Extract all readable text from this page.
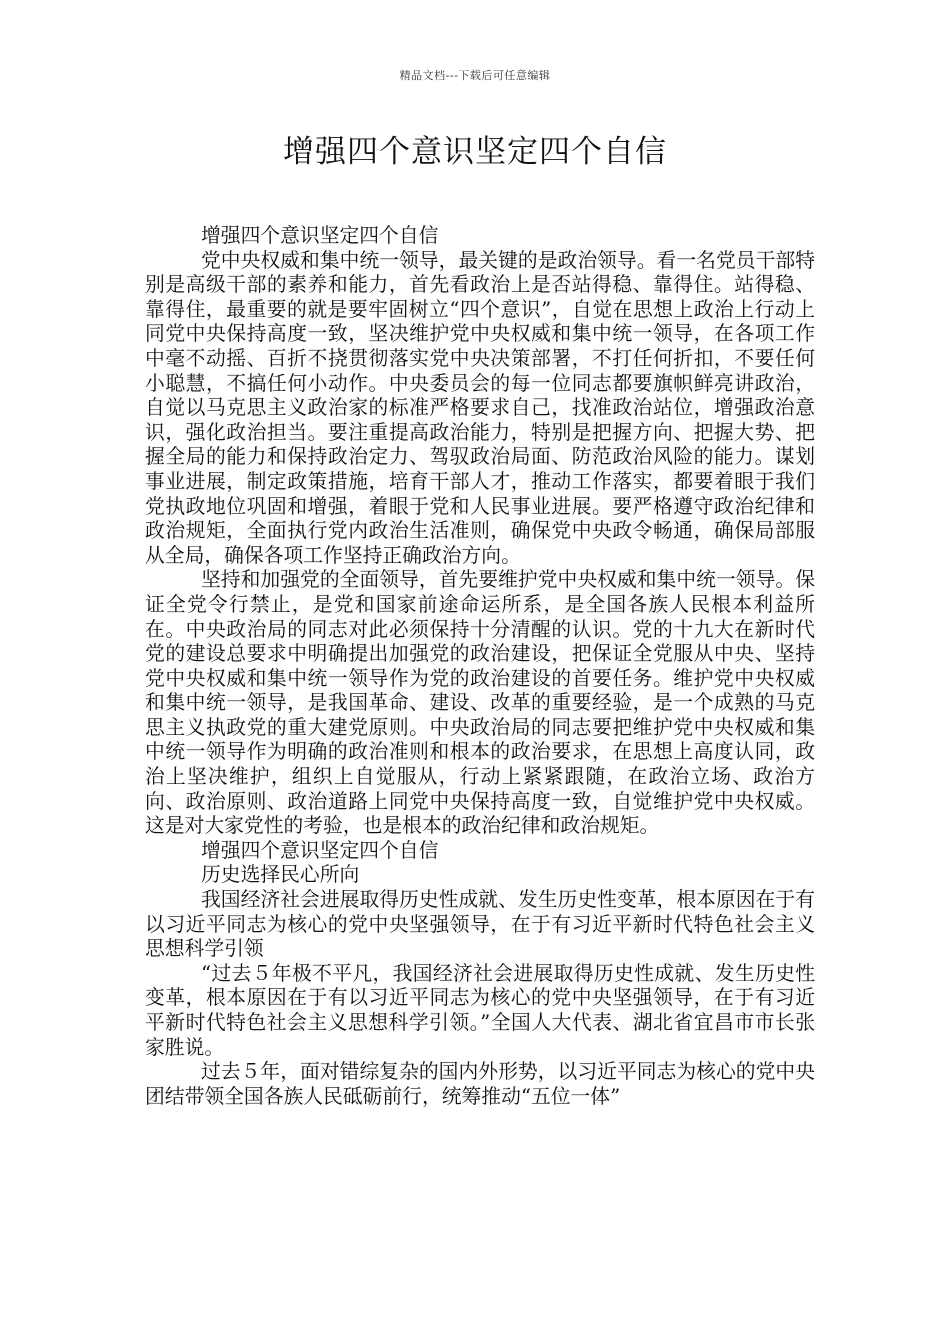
精品文档---下载后可任意编辑
增强四个意识坚定四个自信

增强四个意识坚定四个自信

党中央权威和集中统一领导，最关键的是政治领导。看一名党员干部特别是高级干部的素养和能力，首先看政治上是否站得稳、靠得住。站得稳、靠得住，最重要的就是要牢固树立“四个意识”，自觉在思想上政治上行动上同党中央保持高度一致，坚决维护党中央权威和集中统一领导，在各项工作中毫不动摇、百折不挠贯彻落实党中央决策部署，不打任何折扣，不要任何小聪慧，不搞任何小动作。中央委员会的每一位同志都要旗帜鲜亮讲政治，自觉以马克思主义政治家的标准严格要求自己，找准政治站位，增强政治意识，强化政治担当。要注重提高政治能力，特别是把握方向、把握大势、把握全局的能力和保持政治定力、驾驭政治局面、防范政治风险的能力。谋划事业进展，制定政策措施，培育干部人才，推动工作落实，都要着眼于我们党执政地位巩固和增强，着眼于党和人民事业进展。要严格遵守政治纪律和政治规矩，全面执行党内政治生活准则，确保党中央政令畅通，确保局部服从全局，确保各项工作坚持正确政治方向。

坚持和加强党的全面领导，首先要维护党中央权威和集中统一领导。保证全党令行禁止，是党和国家前途命运所系，是全国各族人民根本利益所在。中央政治局的同志对此必须保持十分清醒的认识。党的十九大在新时代党的建设总要求中明确提出加强党的政治建设，把保证全党服从中央、坚持党中央权威和集中统一领导作为党的政治建设的首要任务。维护党中央权威和集中统一领导，是我国革命、建设、改革的重要经验，是一个成熟的马克思主义执政党的重大建党原则。中央政治局的同志要把维护党中央权威和集中统一领导作为明确的政治准则和根本的政治要求，在思想上高度认同，政治上坚决维护，组织上自觉服从，行动上紧紧跟随，在政治立场、政治方向、政治原则、政治道路上同党中央保持高度一致，自觉维护党中央权威。这是对大家党性的考验，也是根本的政治纪律和政治规矩。

增强四个意识坚定四个自信

历史选择民心所向

我国经济社会进展取得历史性成就、发生历史性变革，根本原因在于有以习近平同志为核心的党中央坚强领导，在于有习近平新时代特色社会主义思想科学引领

“过去５年极不平凡，我国经济社会进展取得历史性成就、发生历史性变革，根本原因在于有以习近平同志为核心的党中央坚强领导，在于有习近平新时代特色社会主义思想科学引领。”全国人大代表、湖北省宜昌市市长张家胜说。

过去５年，面对错综复杂的国内外形势，以习近平同志为核心的党中央团结带领全国各族人民砥砺前行，统筹推动“五位一体”
